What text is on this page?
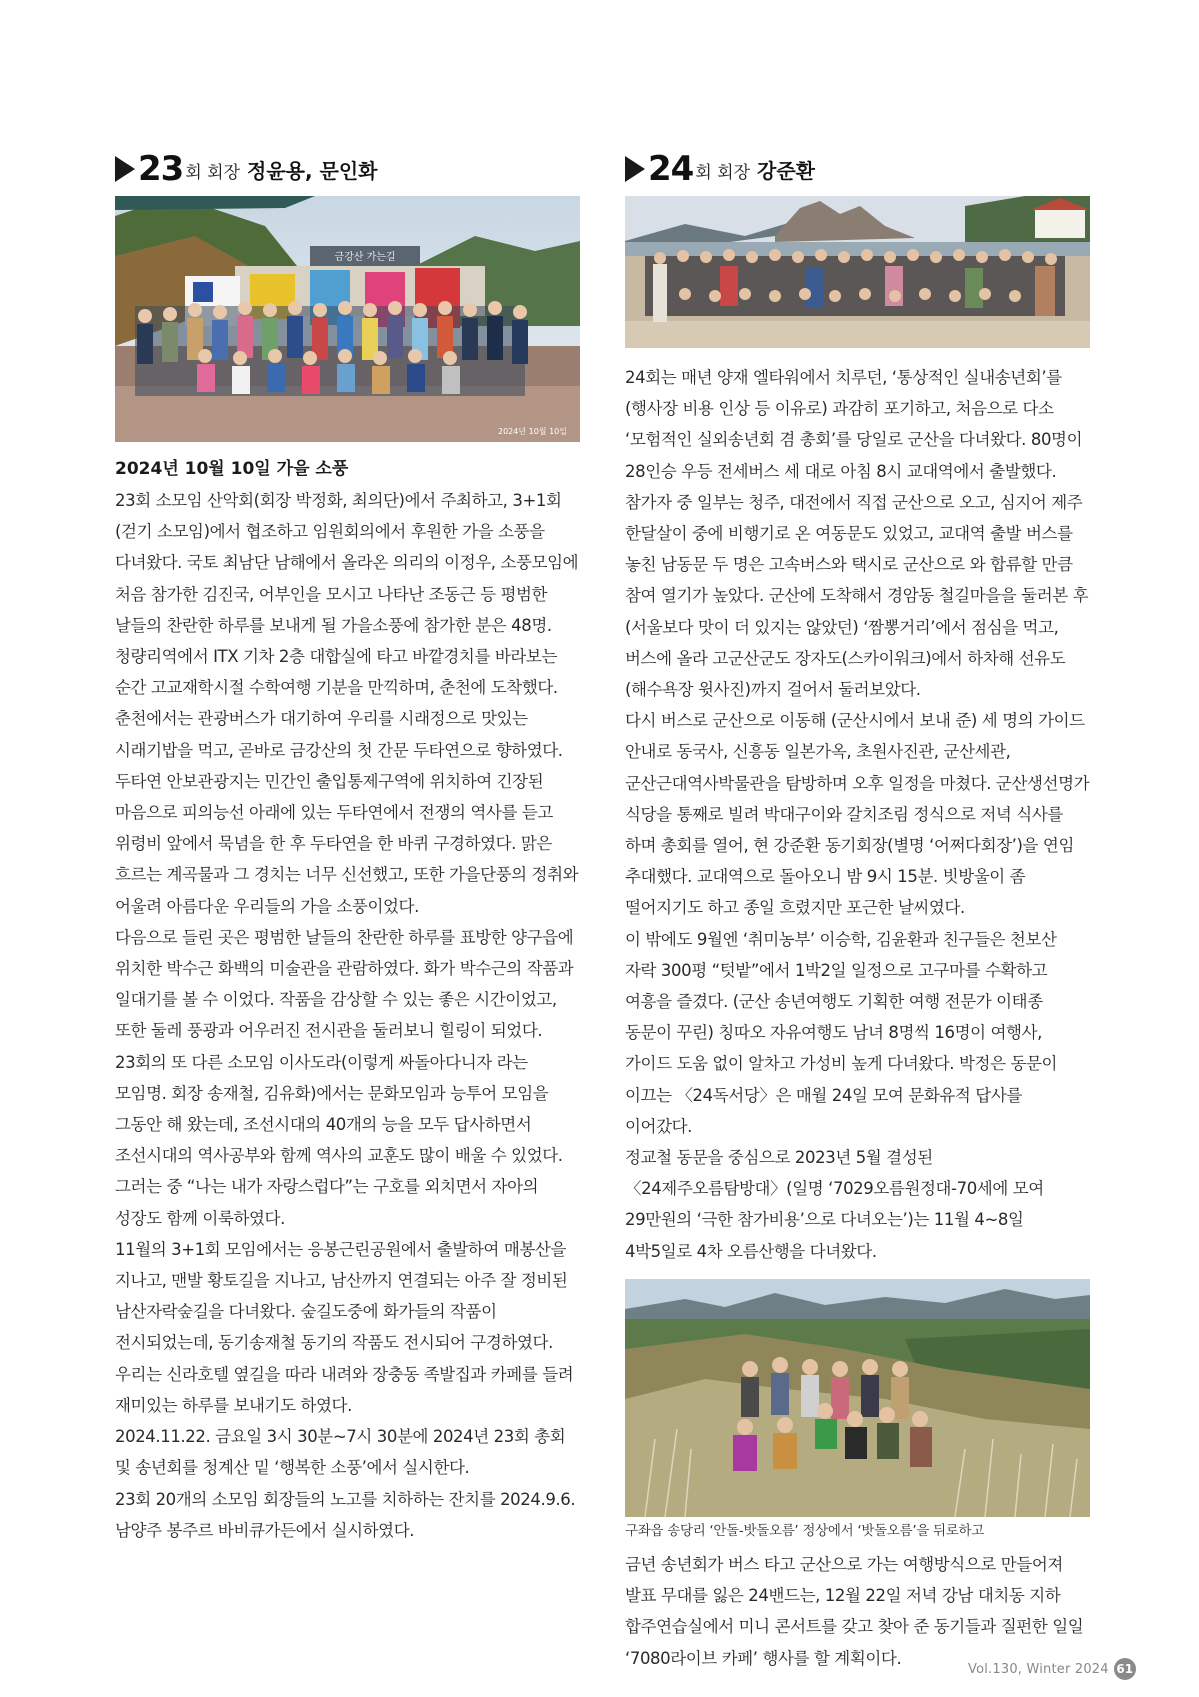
23 회 회장 정윤용, 문인화
금강산 가는길
2024년 10월 10일
2024년 10월 10일 가을 소풍

23회 소모임 산악회(회장 박정화, 최의단)에서 주최하고, 3+1회(걷기 소모임)에서 협조하고 임원회의에서 후원한 가을 소풍을 다녀왔다. 국토 최남단 남해에서 올라온 의리의 이정우, 소풍모임에 처음 참가한 김진국, 어부인을 모시고 나타난 조동근 등 평범한 날들의 찬란한 하루를 보내게 될 가을소풍에 참가한 분은 48명.

청량리역에서 ITX 기차 2층 대합실에 타고 바깥경치를 바라보는 순간 고교재학시절 수학여행 기분을 만끽하며, 춘천에 도착했다.

춘천에서는 관광버스가 대기하여 우리를 시래정으로 맛있는 시래기밥을 먹고, 곧바로 금강산의 첫 간문 두타연으로 향하였다.

두타연 안보관광지는 민간인 출입통제구역에 위치하여 긴장된 마음으로 피의능선 아래에 있는 두타연에서 전쟁의 역사를 듣고 위령비 앞에서 묵념을 한 후 두타연을 한 바퀴 구경하였다. 맑은 흐르는 계곡물과 그 경치는 너무 신선했고, 또한 가을단풍의 정취와 어울려 아름다운 우리들의 가을 소풍이었다.

다음으로 들린 곳은 평범한 날들의 찬란한 하루를 표방한 양구읍에 위치한 박수근 화백의 미술관을 관람하였다. 화가 박수근의 작품과 일대기를 볼 수 이었다. 작품을 감상할 수 있는 좋은 시간이었고, 또한 둘레 풍광과 어우러진 전시관을 둘러보니 힐링이 되었다.

23회의 또 다른 소모임 이사도라(이렇게 싸돌아다니자 라는 모임명. 회장 송재철, 김유화)에서는 문화모임과 능투어 모임을 그동안 해 왔는데, 조선시대의 40개의 능을 모두 답사하면서 조선시대의 역사공부와 함께 역사의 교훈도 많이 배울 수 있었다. 그러는 중 “나는 내가 자랑스럽다”는 구호를 외치면서 자아의 성장도 함께 이룩하였다.

11월의 3+1회 모임에서는 응봉근린공원에서 출발하여 매봉산을 지나고, 맨발 황토길을 지나고, 남산까지 연결되는 아주 잘 정비된 남산자락숲길을 다녀왔다. 숲길도중에 화가들의 작품이 전시되었는데, 동기송재철 동기의 작품도 전시되어 구경하였다. 우리는 신라호텔 옆길을 따라 내려와 장충동 족발집과 카페를 들려 재미있는 하루를 보내기도 하였다.

2024.11.22. 금요일 3시 30분~7시 30분에 2024년 23회 총회 및 송년회를 청계산 밑 ‘행복한 소풍’에서 실시한다.

23회 20개의 소모임 회장들의 노고를 치하하는 잔치를 2024.9.6. 남양주 봉주르 바비큐가든에서 실시하였다.

24 회 회장 강준환

24회는 매년 양재 엘타워에서 치루던, ‘통상적인 실내송년회’를 (행사장 비용 인상 등 이유로) 과감히 포기하고, 처음으로 다소 ‘모험적인 실외송년회 겸 총회’를 당일로 군산을 다녀왔다. 80명이 28인승 우등 전세버스 세 대로 아침 8시 교대역에서 출발했다.

참가자 중 일부는 청주, 대전에서 직접 군산으로 오고, 심지어 제주 한달살이 중에 비행기로 온 여동문도 있었고, 교대역 출발 버스를 놓친 남동문 두 명은 고속버스와 택시로 군산으로 와 합류할 만큼 참여 열기가 높았다. 군산에 도착해서 경암동 철길마을을 둘러본 후(서울보다 맛이 더 있지는 않았던) ‘짬뽕거리’에서 점심을 먹고, 버스에 올라 고군산군도 장자도(스카이워크)에서 하차해 선유도(해수욕장 윗사진)까지 걸어서 둘러보았다.

다시 버스로 군산으로 이동해 (군산시에서 보내 준) 세 명의 가이드 안내로 동국사, 신흥동 일본가옥, 초원사진관, 군산세관, 군산근대역사박물관을 탐방하며 오후 일정을 마쳤다. 군산생선명가 식당을 통째로 빌려 박대구이와 갈치조림 정식으로 저녁 식사를 하며 총회를 열어, 현 강준환 동기회장(별명 ‘어쩌다회장’)을 연임 추대했다. 교대역으로 돌아오니 밤 9시 15분. 빗방울이 좀 떨어지기도 하고 종일 흐렸지만 포근한 날씨였다.

이 밖에도 9월엔 ‘취미농부’ 이승학, 김윤환과 친구들은 천보산 자락 300평 “텃밭”에서 1박2일 일정으로 고구마를 수확하고 여흥을 즐겼다. (군산 송년여행도 기획한 여행 전문가 이태종 동문이 꾸린) 칭따오 자유여행도 남녀 8명씩 16명이 여행사, 가이드 도움 없이 알차고 가성비 높게 다녀왔다. 박정은 동문이 이끄는 〈24독서당〉은 매월 24일 모여 문화유적 답사를 이어갔다.

정교철 동문을 중심으로 2023년 5월 결성된 〈24제주오름탐방대〉(일명 ‘7029오름원정대-70세에 모여 29만원의 ‘극한 참가비용’으로 다녀오는’)는 11월 4~8일 4박5일로 4차 오름산행을 다녀왔다.

구좌읍 송당리 ‘안돌-밧돌오름’ 정상에서 ‘밧돌오름’을 뒤로하고
금년 송년회가 버스 타고 군산으로 가는 여행방식으로 만들어져 발표 무대를 잃은 24밴드는, 12월 22일 저녁 강남 대치동 지하 합주연습실에서 미니 콘서트를 갖고 찾아 준 동기들과 질펀한 일일 ‘7080라이브 카페’ 행사를 할 계획이다.
Vol.130, Winter 2024 61
